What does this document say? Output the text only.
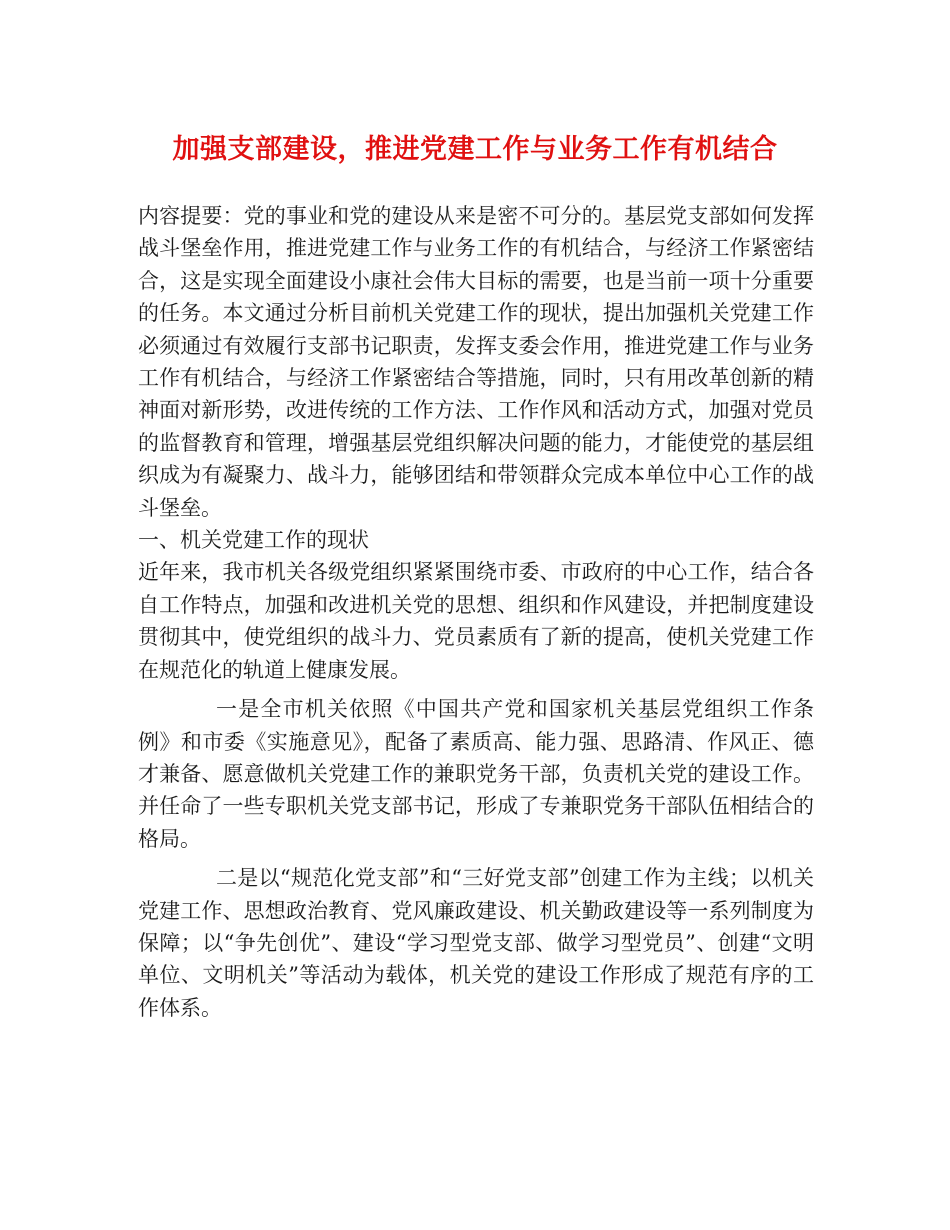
加强支部建设，推进党建工作与业务工作有机结合

内容提要：党的事业和党的建设从来是密不可分的。基层党支部如何发挥战斗堡垒作用，推进党建工作与业务工作的有机结合，与经济工作紧密结合，这是实现全面建设小康社会伟大目标的需要，也是当前一项十分重要的任务。本文通过分析目前机关党建工作的现状，提出加强机关党建工作必须通过有效履行支部书记职责，发挥支委会作用，推进党建工作与业务工作有机结合，与经济工作紧密结合等措施，同时，只有用改革创新的精神面对新形势，改进传统的工作方法、工作作风和活动方式，加强对党员的监督教育和管理，增强基层党组织解决问题的能力，才能使党的基层组织成为有凝聚力、战斗力，能够团结和带领群众完成本单位中心工作的战斗堡垒。

一、机关党建工作的现状

近年来，我市机关各级党组织紧紧围绕市委、市政府的中心工作，结合各自工作特点，加强和改进机关党的思想、组织和作风建设，并把制度建设贯彻其中，使党组织的战斗力、党员素质有了新的提高，使机关党建工作在规范化的轨道上健康发展。

一是全市机关依照《中国共产党和国家机关基层党组织工作条例》和市委《实施意见》，配备了素质高、能力强、思路清、作风正、德才兼备、愿意做机关党建工作的兼职党务干部，负责机关党的建设工作。并任命了一些专职机关党支部书记，形成了专兼职党务干部队伍相结合的格局。

二是以“规范化党支部”和“三好党支部”创建工作为主线；以机关党建工作、思想政治教育、党风廉政建设、机关勤政建设等一系列制度为保障；以“争先创优”、建设“学习型党支部、做学习型党员”、创建“文明单位、文明机关”等活动为载体，机关党的建设工作形成了规范有序的工作体系。
